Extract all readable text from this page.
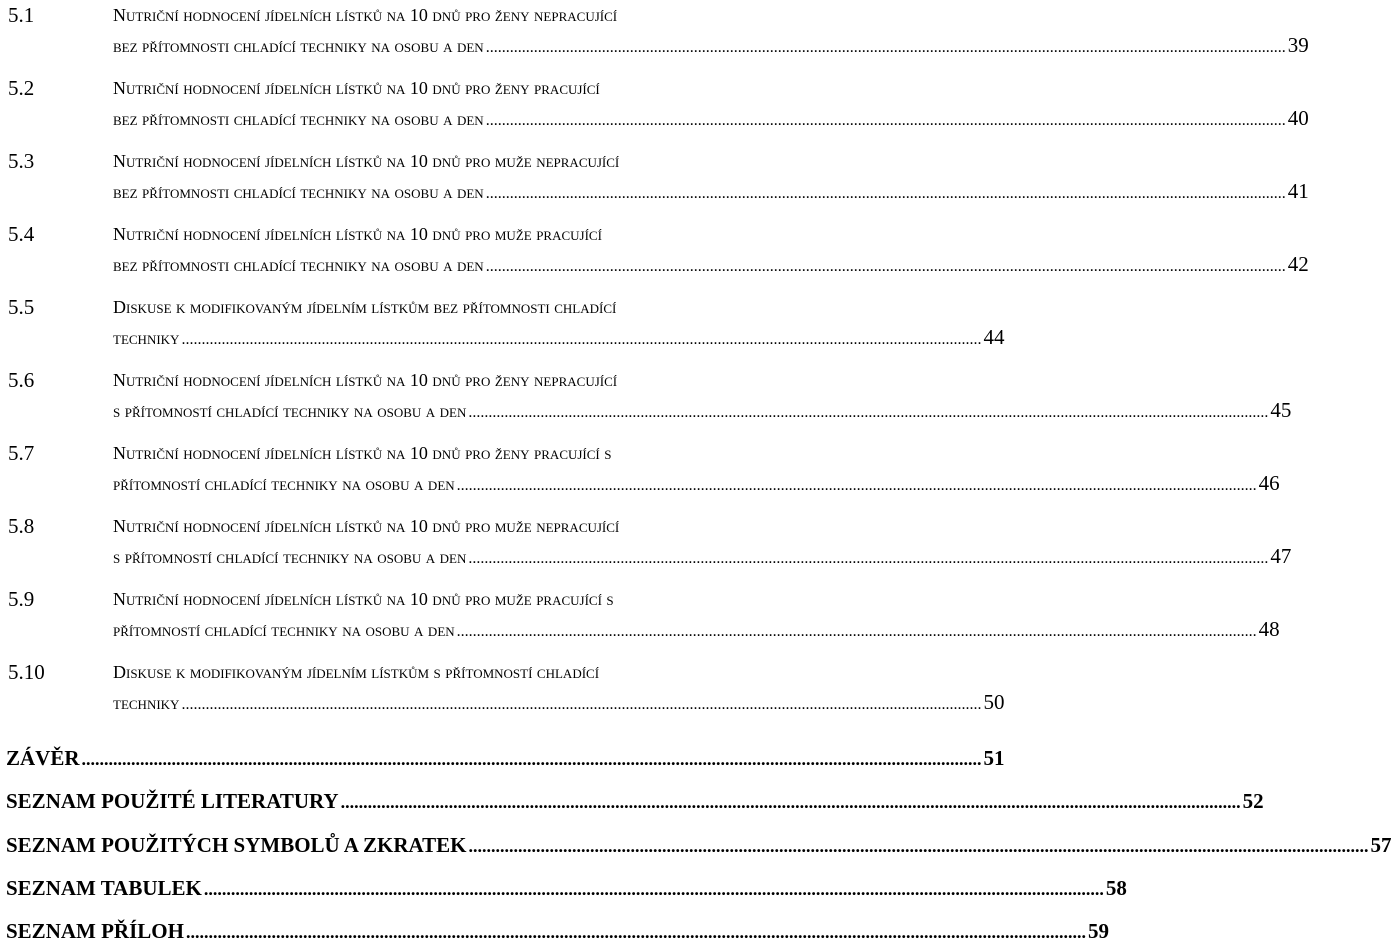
5.1	Nutriční hodnocení jídelních lístků na 10 dnů pro ženy nepracující
bez přítomnosti chladící techniky na osobu a den ........................................................................................................................................................................................................ 39
5.2	Nutriční hodnocení jídelních lístků na 10 dnů pro ženy pracující
bez přítomnosti chladící techniky na osobu a den ........................................................................................................................................................................................................ 40
5.3	Nutriční hodnocení jídelních lístků na 10 dnů pro muže nepracující
bez přítomnosti chladící techniky na osobu a den ........................................................................................................................................................................................................ 41
5.4	Nutriční hodnocení jídelních lístků na 10 dnů pro muže pracující
bez přítomnosti chladící techniky na osobu a den ........................................................................................................................................................................................................ 42
5.5	Diskuse k modifikovaným jídelním lístkům bez přítomnosti chladící
techniky ........................................................................................................................................................................................................ 44
5.6	Nutriční hodnocení jídelních lístků na 10 dnů pro ženy nepracující
s přítomností chladící techniky na osobu a den ........................................................................................................................................................................................................ 45
5.7	Nutriční hodnocení jídelních lístků na 10 dnů pro ženy pracující s
přítomností chladící techniky na osobu a den ........................................................................................................................................................................................................ 46
5.8	Nutriční hodnocení jídelních lístků na 10 dnů pro muže nepracující
s přítomností chladící techniky na osobu a den ........................................................................................................................................................................................................ 47
5.9	Nutriční hodnocení jídelních lístků na 10 dnů pro muže pracující s
přítomností chladící techniky na osobu a den ........................................................................................................................................................................................................ 48
5.10	Diskuse k modifikovaným jídelním lístkům s přítomností chladící
techniky ........................................................................................................................................................................................................ 50
ZÁVĚR ........................................................................................................................................................................................................ 51
SEZNAM POUŽITÉ LITERATURY ........................................................................................................................................................................................................ 52
SEZNAM POUŽITÝCH SYMBOLŮ A ZKRATEK ........................................................................................................................................................................................................ 57
SEZNAM TABULEK ........................................................................................................................................................................................................ 58
SEZNAM PŘÍLOH ........................................................................................................................................................................................................ 59
